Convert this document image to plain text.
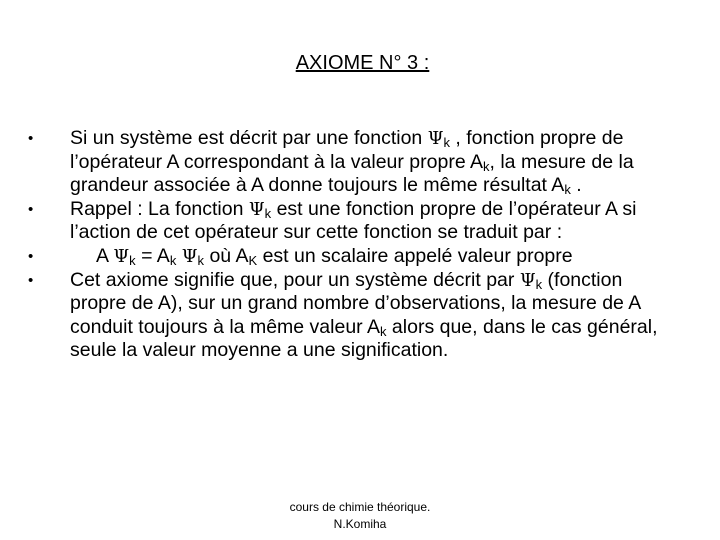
AXIOME N° 3 :
• Si un système est décrit par une fonction $\Psi_k$ , fonction propre de l’opérateur A correspondant à la valeur propre $A_k$, la mesure de la grandeur associée à A donne toujours le même résultat $A_k$ .
• Rappel : La fonction $\Psi_k$ est une fonction propre de l’opérateur A si l’action de cet opérateur sur cette fonction se traduit par :
• A $\Psi_k = A_k$ $\Psi_k$ où $A_K$ est un scalaire appelé valeur propre
• Cet axiome signifie que, pour un système décrit par $\Psi_k$ (fonction propre de A), sur un grand nombre d’observations, la mesure de A conduit toujours à la même valeur $A_k$ alors que, dans le cas général, seule la valeur moyenne a une signification.
cours de chimie théorique.
N.Komiha
